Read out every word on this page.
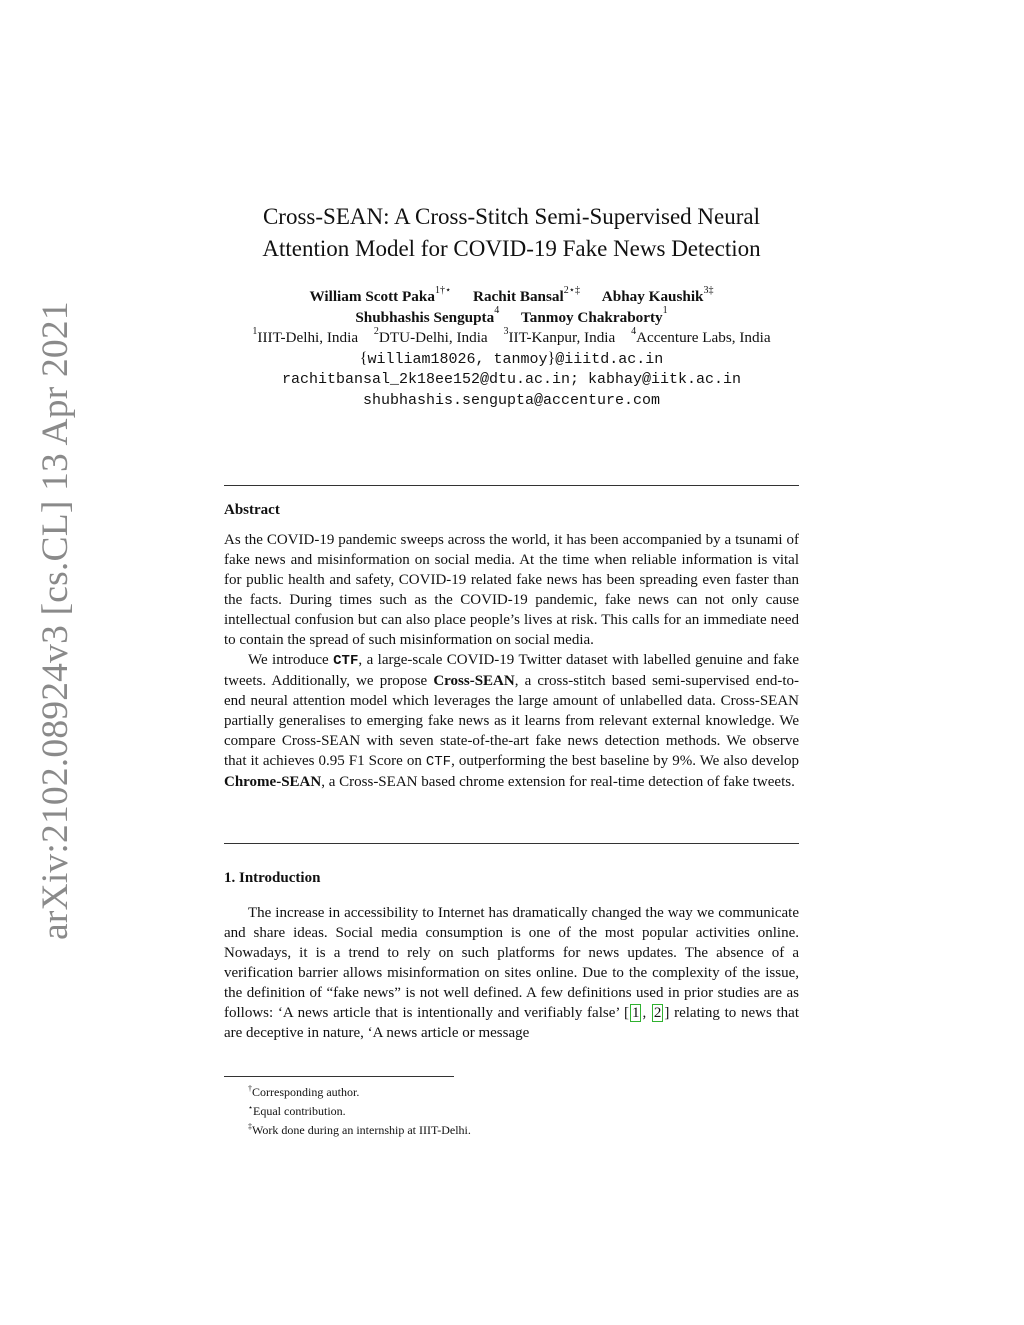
arXiv:2102.08924v3 [cs.CL] 13 Apr 2021
Cross-SEAN: A Cross-Stitch Semi-Supervised Neural
Attention Model for COVID-19 Fake News Detection
William Scott Paka$^{1\dagger⋆}$ Rachit Bansal$^{2⋆\ddagger}$ Abhay Kaushik$^{3\ddagger}$
Shubhashis Sengupta$^4$ Tanmoy Chakraborty$^1$
$^1$IIIT-Delhi, India $^2$DTU-Delhi, India $^3$IIT-Kanpur, India $^4$Accenture Labs, India
{william18026, tanmoy}@iiitd.ac.in
rachitbansal_2k18ee152@dtu.ac.in; kabhay@iitk.ac.in
shubhashis.sengupta@accenture.com
Abstract

As the COVID-19 pandemic sweeps across the world, it has been accompanied by a tsunami of fake news and misinformation on social media. At the time when reliable information is vital for public health and safety, COVID-19 related fake news has been spreading even faster than the facts. During times such as the COVID-19 pandemic, fake news can not only cause intellectual confusion but can also place people’s lives at risk. This calls for an immediate need to contain the spread of such misinformation on social media.

We introduce CTF, a large-scale COVID-19 Twitter dataset with labelled genuine and fake tweets. Additionally, we propose Cross-SEAN, a cross-stitch based semi-supervised end-to-end neural attention model which leverages the large amount of unlabelled data. Cross-SEAN partially generalises to emerging fake news as it learns from relevant external knowledge. We compare Cross-SEAN with seven state-of-the-art fake news detection methods. We observe that it achieves 0.95 F1 Score on CTF, outperforming the best baseline by 9%. We also develop Chrome-SEAN, a Cross-SEAN based chrome extension for real-time detection of fake tweets.

1. Introduction

The increase in accessibility to Internet has dramatically changed the way we communicate and share ideas. Social media consumption is one of the most popular activities online. Nowadays, it is a trend to rely on such platforms for news updates. The absence of a verification barrier allows misinformation on sites online. Due to the complexity of the issue, the definition of “fake news” is not well defined. A few definitions used in prior studies are as follows: ‘A news article that is intentionally and verifiably false’ [ 1 , 2 ] relating to news that are deceptive in nature, ‘A news article or message

†Corresponding author.
⋆Equal contribution.
‡Work done during an internship at IIIT-Delhi.
